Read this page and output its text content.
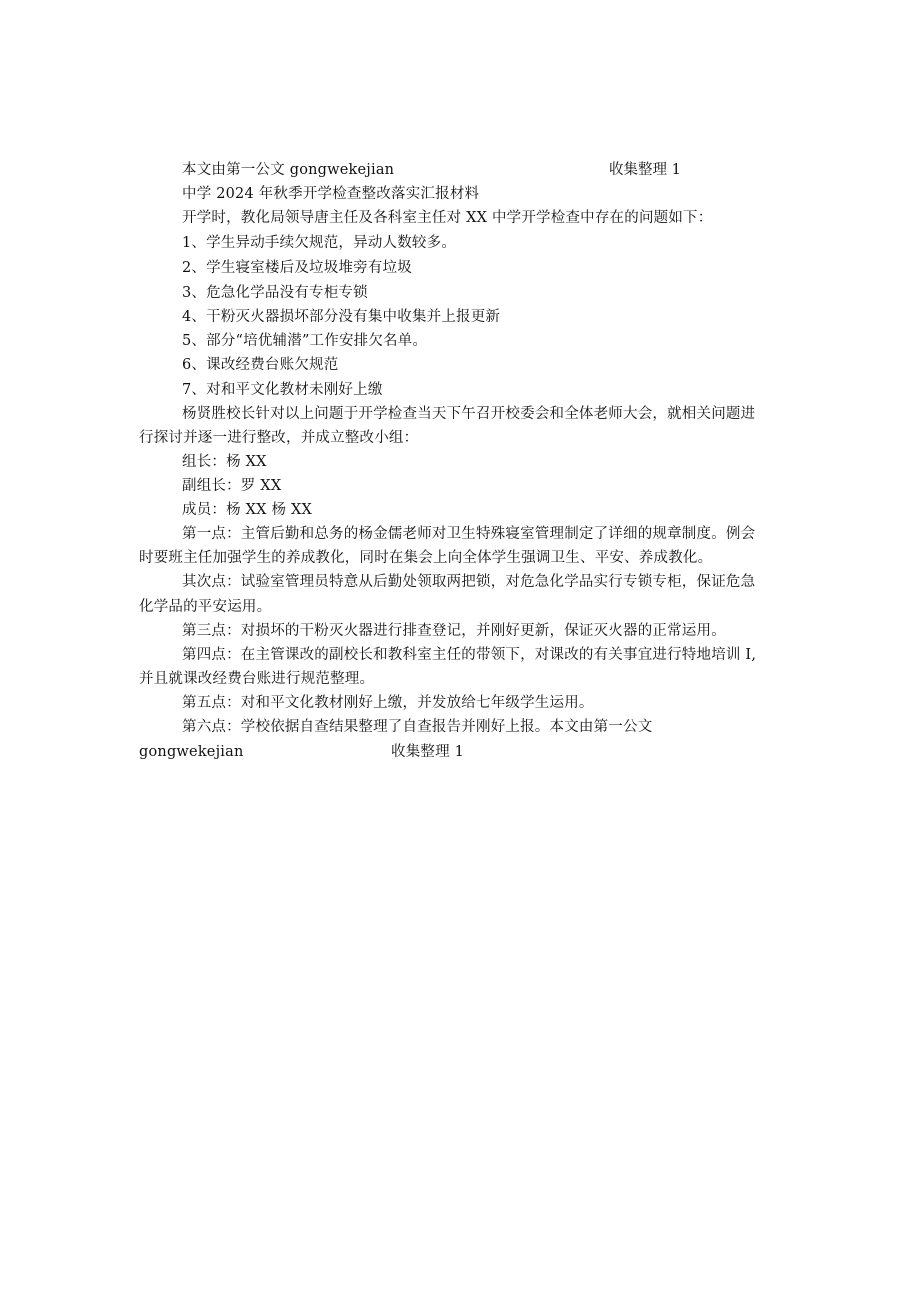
本文由第一公文 gongwekejian	收集整理 1
中学 2024 年秋季开学检查整改落实汇报材料
开学时，教化局领导唐主任及各科室主任对 XX 中学开学检查中存在的问题如下：
1、学生异动手续欠规范，异动人数较多。
2、学生寝室楼后及垃圾堆旁有垃圾
3、危急化学品没有专柜专锁
4、干粉灭火器损坏部分没有集中收集并上报更新
5、部分“培优辅潜”工作安排欠名单。
6、课改经费台账欠规范
7、对和平文化教材未刚好上缴
杨贤胜校长针对以上问题于开学检查当天下午召开校委会和全体老师大会，就相关问题进
行探讨并逐一进行整改，并成立整改小组：
组长：杨 XX
副组长：罗 XX
成员：杨 XX 杨 XX
第一点：主管后勤和总务的杨金儒老师对卫生特殊寝室管理制定了详细的规章制度。例会
时要班主任加强学生的养成教化，同时在集会上向全体学生强调卫生、平安、养成教化。
其次点：试验室管理员特意从后勤处领取两把锁，对危急化学品实行专锁专柜，保证危急
化学品的平安运用。
第三点：对损坏的干粉灭火器进行排查登记，并刚好更新，保证灭火器的正常运用。
第四点：在主管课改的副校长和教科室主任的带领下，对课改的有关事宜进行特地培训 I,
并且就课改经费台账进行规范整理。
第五点：对和平文化教材刚好上缴，并发放给七年级学生运用。
第六点：学校依据自查结果整理了自查报告并刚好上报。本文由第一公文
gongwekejian	收集整理 1
